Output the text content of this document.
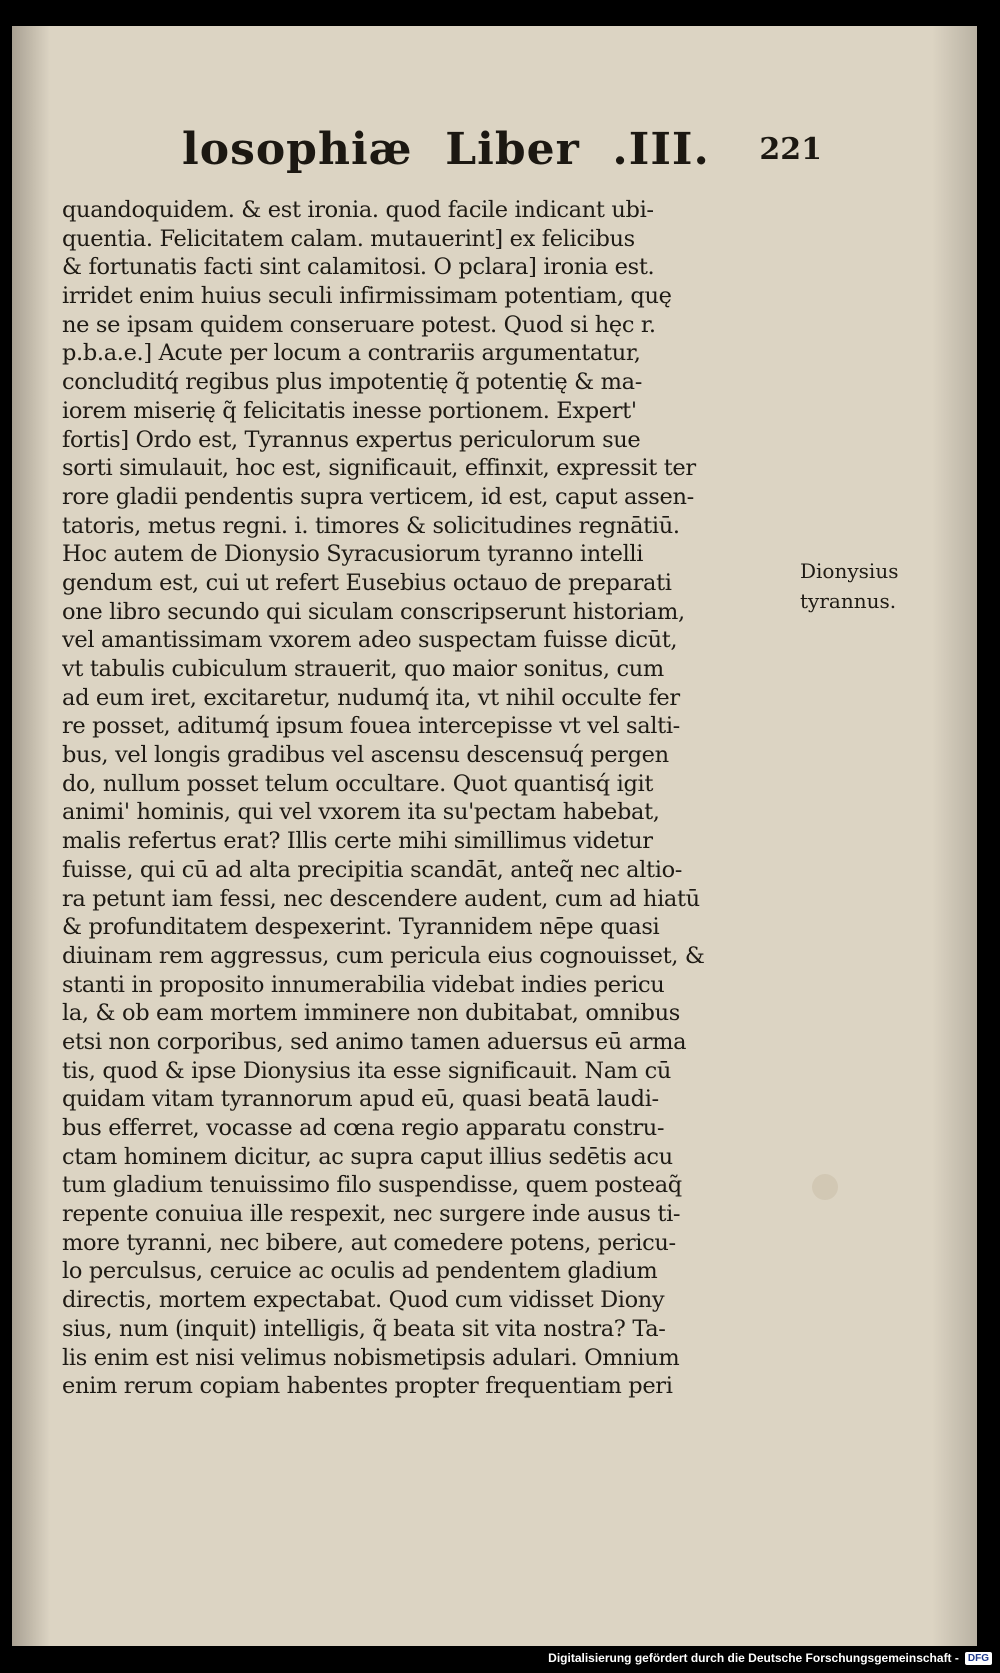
losophiæ  Liber  .III. 221
quandoquidem. & est ironia. quod facile indicant ubi-
quentia. Felicitatem calam. mutauerint] ex felicibus
& fortunatis facti sint calamitosi. O pclara] ironia est.
irridet enim huius seculi infirmissimam potentiam, quę
ne se ipsam quidem conseruare potest. Quod si hęc r.
p.b.a.e.] Acute per locum a contrariis argumentatur,
concluditq́ regibus plus impotentię q̃ potentię & ma-
iorem miserię q̃ felicitatis inesse portionem. Expert'
fortis] Ordo est, Tyrannus expertus periculorum sue
sorti simulauit, hoc est, significauit, effinxit, expressit ter
rore gladii pendentis supra verticem, id est, caput assen-
tatoris, metus regni. i. timores & solicitudines regnātiū.
Hoc autem de Dionysio Syracusiorum tyranno intelli
gendum est, cui ut refert Eusebius octauo de preparati
one libro secundo qui siculam conscripserunt historiam,
vel amantissimam vxorem adeo suspectam fuisse dicūt,
vt tabulis cubiculum strauerit, quo maior sonitus, cum
ad eum iret, excitaretur, nudumq́ ita, vt nihil occulte fer
re posset, aditumq́ ipsum fouea intercepisse vt vel salti-
bus, vel longis gradibus vel ascensu descensuq́ pergen
do, nullum posset telum occultare. Quot quantisq́ igit
animi' hominis, qui vel vxorem ita su'pectam habebat,
malis refertus erat? Illis certe mihi simillimus videtur
fuisse, qui cū ad alta precipitia scandāt, anteq̃ nec altio-
ra petunt iam fessi, nec descendere audent, cum ad hiatū
& profunditatem despexerint. Tyrannidem nēpe quasi
diuinam rem aggressus, cum pericula eius cognouisset, &
stanti in proposito innumerabilia videbat indies pericu
la, & ob eam mortem imminere non dubitabat, omnibus
etsi non corporibus, sed animo tamen aduersus eū arma
tis, quod & ipse Dionysius ita esse significauit. Nam cū
quidam vitam tyrannorum apud eū, quasi beatā laudi-
bus efferret, vocasse ad cœna regio apparatu constru-
ctam hominem dicitur, ac supra caput illius sedētis acu
tum gladium tenuissimo filo suspendisse, quem posteaq̃
repente conuiua ille respexit, nec surgere inde ausus ti-
more tyranni, nec bibere, aut comedere potens, pericu-
lo perculsus, ceruice ac oculis ad pendentem gladium
directis, mortem expectabat. Quod cum vidisset Diony
sius, num (inquit) intelligis, q̃ beata sit vita nostra? Ta-
lis enim est nisi velimus nobismetipsis adulari. Omnium
enim rerum copiam habentes propter frequentiam peri
Dionysius
tyrannus.
Digitalisierung gefördert durch die Deutsche Forschungsgemeinschaft - DFG
